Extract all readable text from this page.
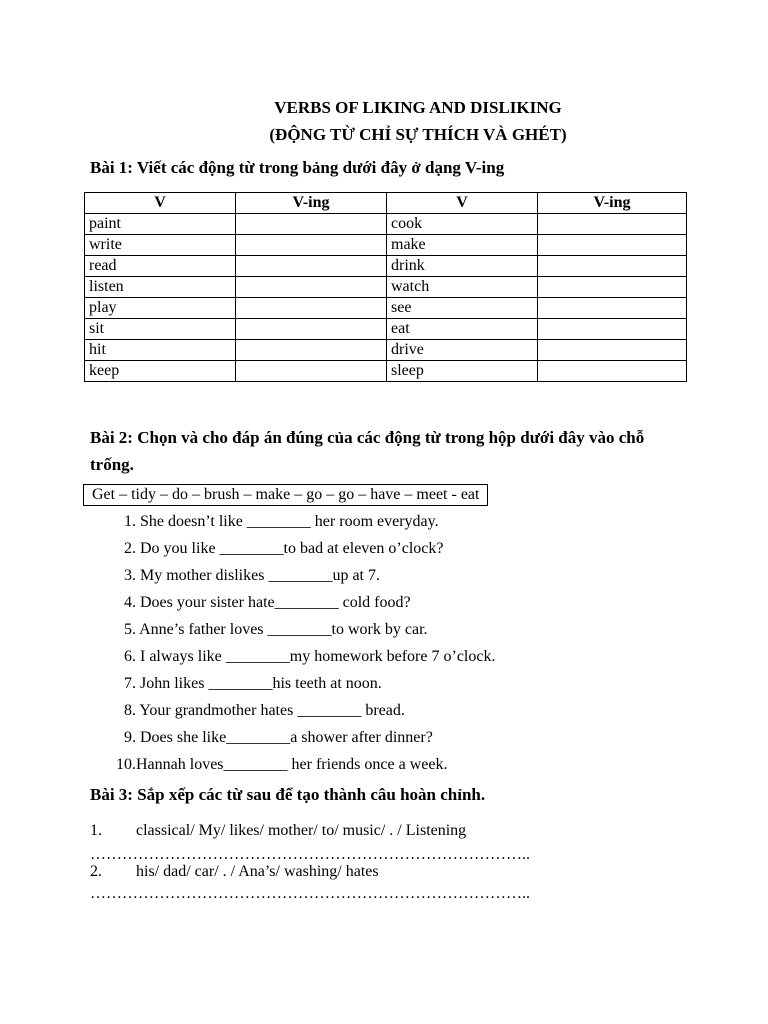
VERBS OF LIKING AND DISLIKING
(ĐỘNG TỪ CHỈ SỰ THÍCH VÀ GHÉT)
Bài 1: Viết các động từ trong bảng dưới đây ở dạng V-ing
V	V-ing	V	V-ing
paint		cook	
write		make	
read		drink	
listen		watch	
play		see	
sit		eat	
hit		drive	
keep		sleep	
Bài 2: Chọn và cho đáp án đúng của các động từ trong hộp dưới đây vào chỗ trống.
Get – tidy – do – brush – make – go – go – have – meet - eat
1. She doesn’t like ________ her room everyday.
2. Do you like ________to bad at eleven o’clock?
3. My mother dislikes ________up at 7.
4. Does your sister hate________ cold food?
5. Anne’s father loves ________to work by car.
6. I always like ________my homework before 7 o’clock.
7. John likes ________his teeth at noon.
8. Your grandmother hates ________ bread.
9. Does she like________a shower after dinner?
10.Hannah loves________ her friends once a week.
Bài 3: Sắp xếp các từ sau để tạo thành câu hoàn chỉnh.
1. classical/ My/ likes/ mother/ to/ music/ . / Listening
………………………………………………………………………..
2. his/ dad/ car/ . / Ana’s/ washing/ hates
………………………………………………………………………..
